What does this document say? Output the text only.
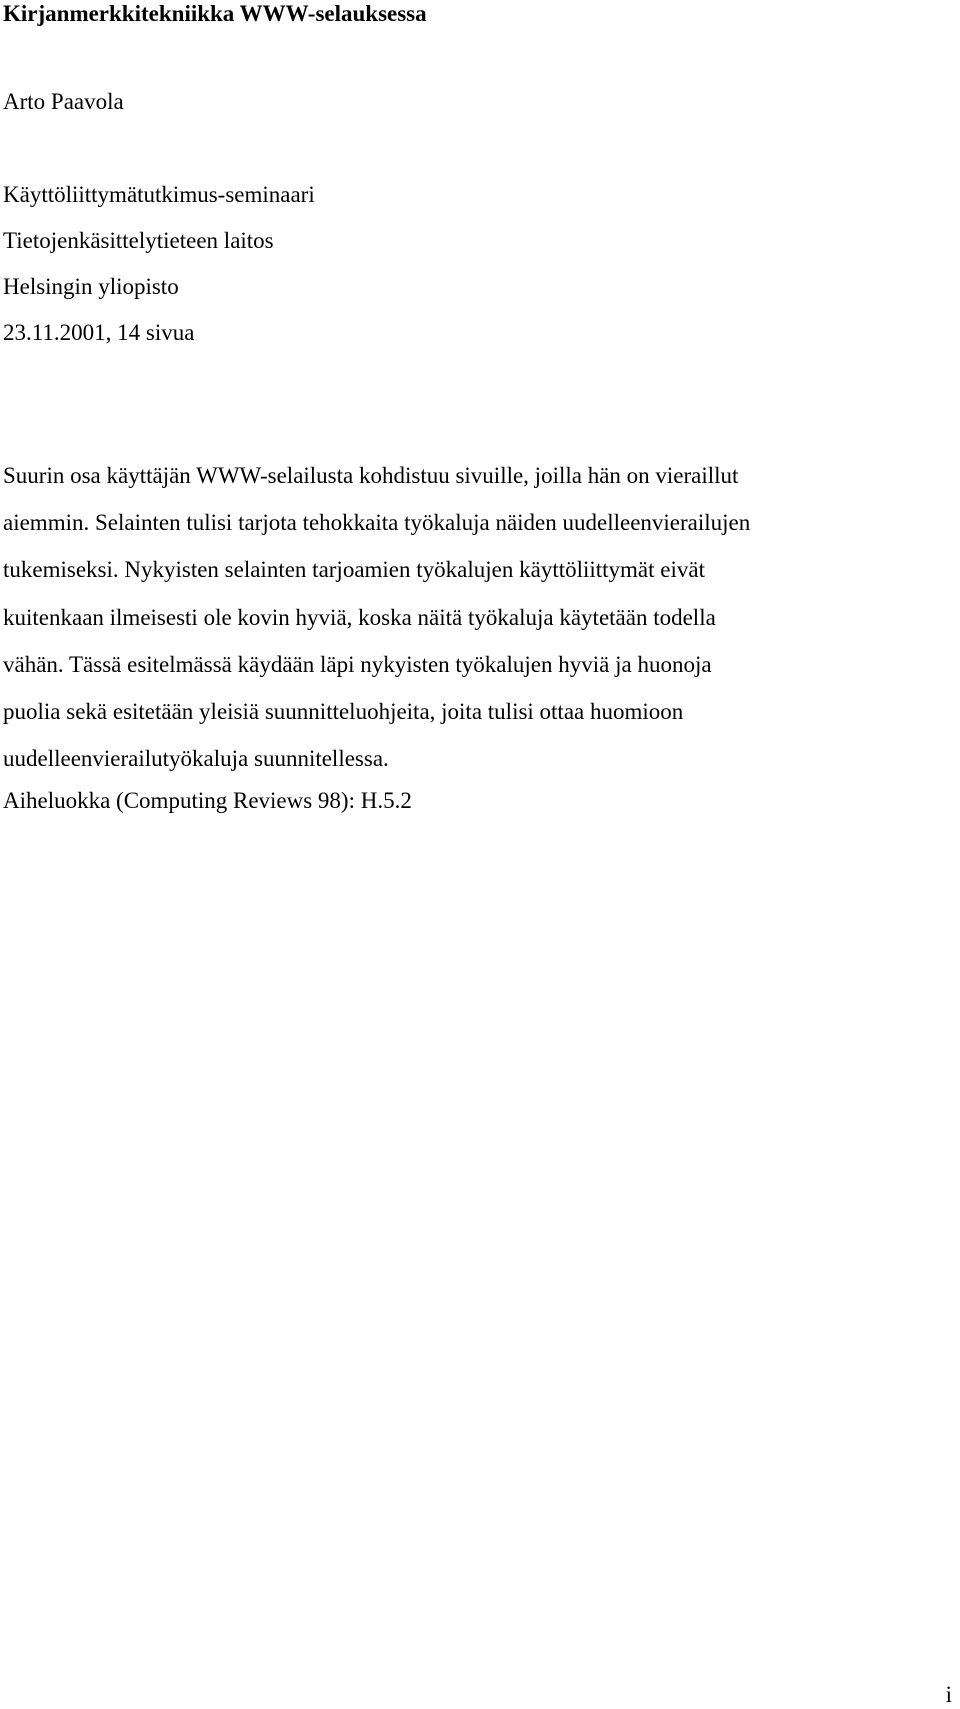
Kirjanmerkkitekniikka WWW-selauksessa
Arto Paavola
Käyttöliittymätutkimus-seminaari
Tietojenkäsittelytieteen laitos
Helsingin yliopisto
23.11.2001, 14 sivua
Suurin osa käyttäjän WWW-selailusta kohdistuu sivuille, joilla hän on vieraillut
aiemmin. Selainten tulisi tarjota tehokkaita työkaluja näiden uudelleenvierailujen
tukemiseksi. Nykyisten selainten tarjoamien työkalujen käyttöliittymät eivät
kuitenkaan ilmeisesti ole kovin hyviä, koska näitä työkaluja käytetään todella
vähän. Tässä esitelmässä käydään läpi nykyisten työkalujen hyviä ja huonoja
puolia sekä esitetään yleisiä suunnitteluohjeita, joita tulisi ottaa huomioon
uudelleenvierailutyökaluja suunnitellessa.
Aiheluokka (Computing Reviews 98): H.5.2
i
